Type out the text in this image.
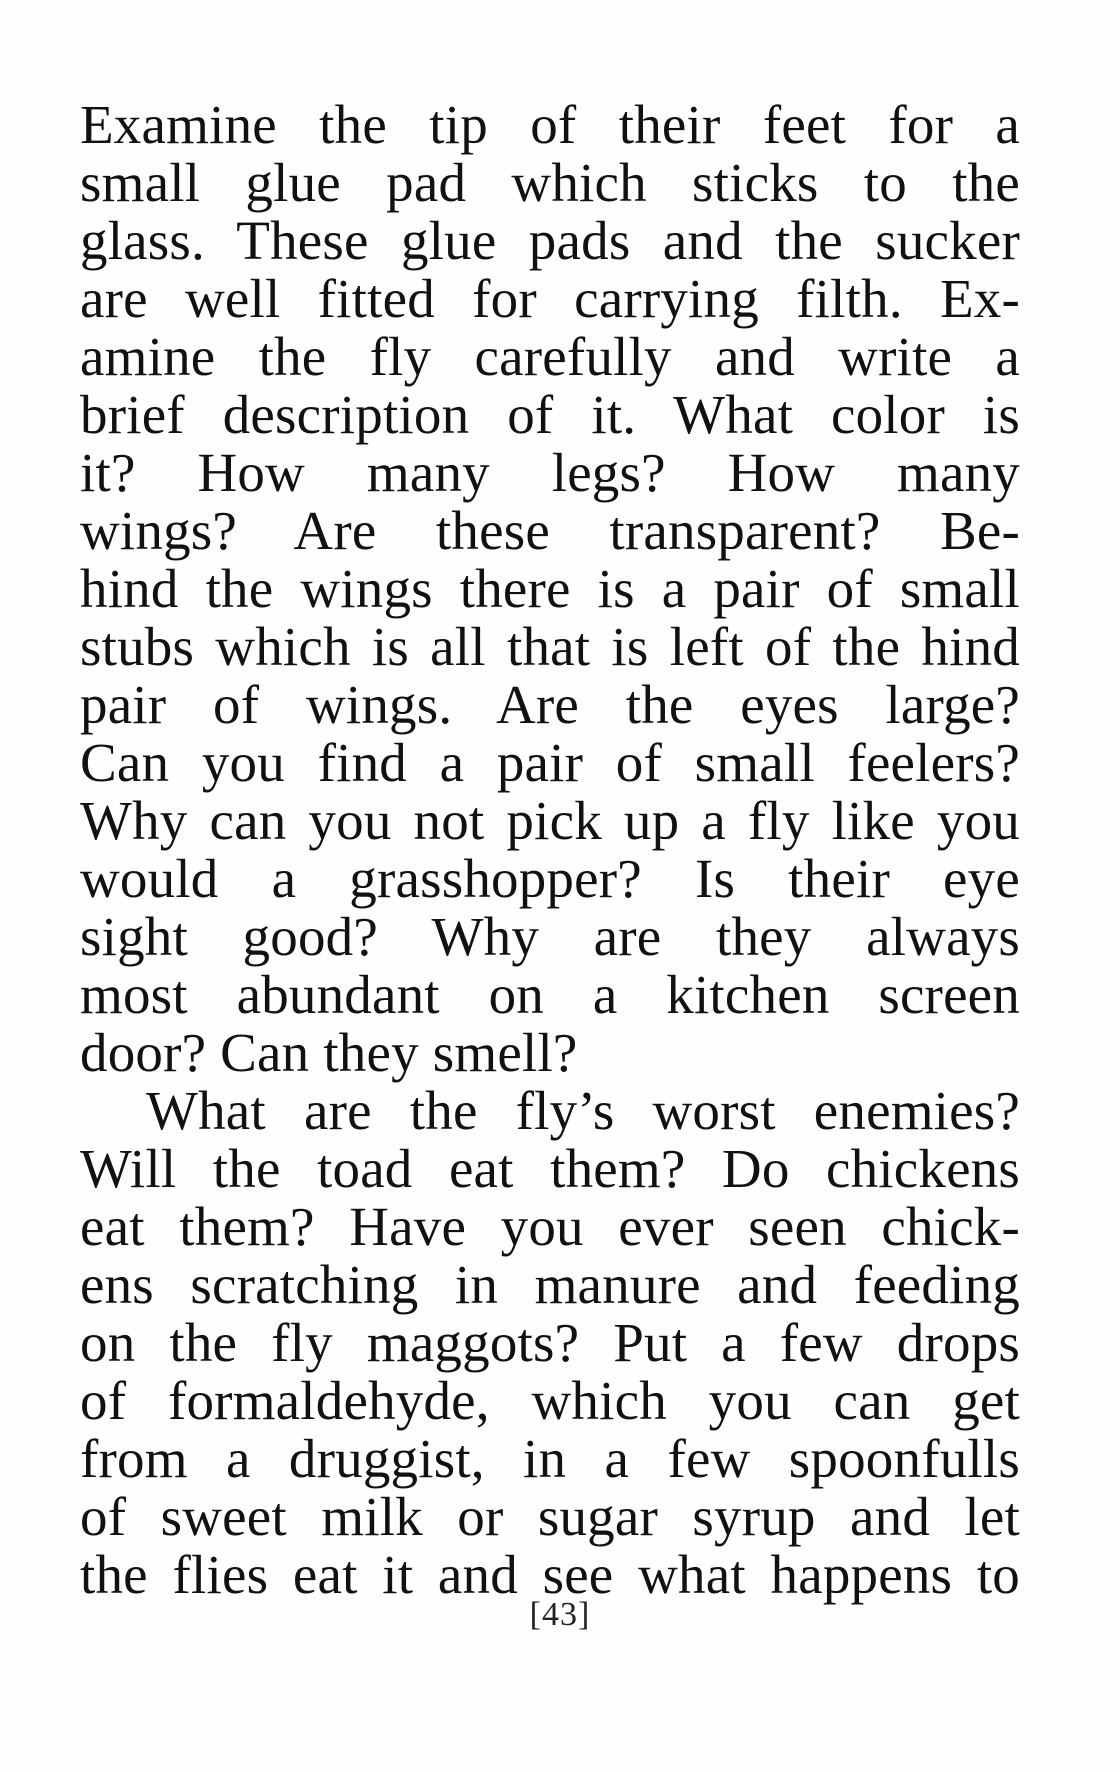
Examine the tip of their feet for a
small glue pad which sticks to the
glass. These glue pads and the sucker
are well fitted for carrying filth. Ex-
amine the fly carefully and write a
brief description of it. What color is
it? How many legs? How many
wings? Are these transparent? Be-
hind the wings there is a pair of small
stubs which is all that is left of the hind
pair of wings. Are the eyes large?
Can you find a pair of small feelers?
Why can you not pick up a fly like you
would a grasshopper? Is their eye
sight good? Why are they always
most abundant on a kitchen screen
door? Can they smell?
What are the fly’s worst enemies?
Will the toad eat them? Do chickens
eat them? Have you ever seen chick-
ens scratching in manure and feeding
on the fly maggots? Put a few drops
of formaldehyde, which you can get
from a druggist, in a few spoonfulls
of sweet milk or sugar syrup and let
the flies eat it and see what happens to
[43]
